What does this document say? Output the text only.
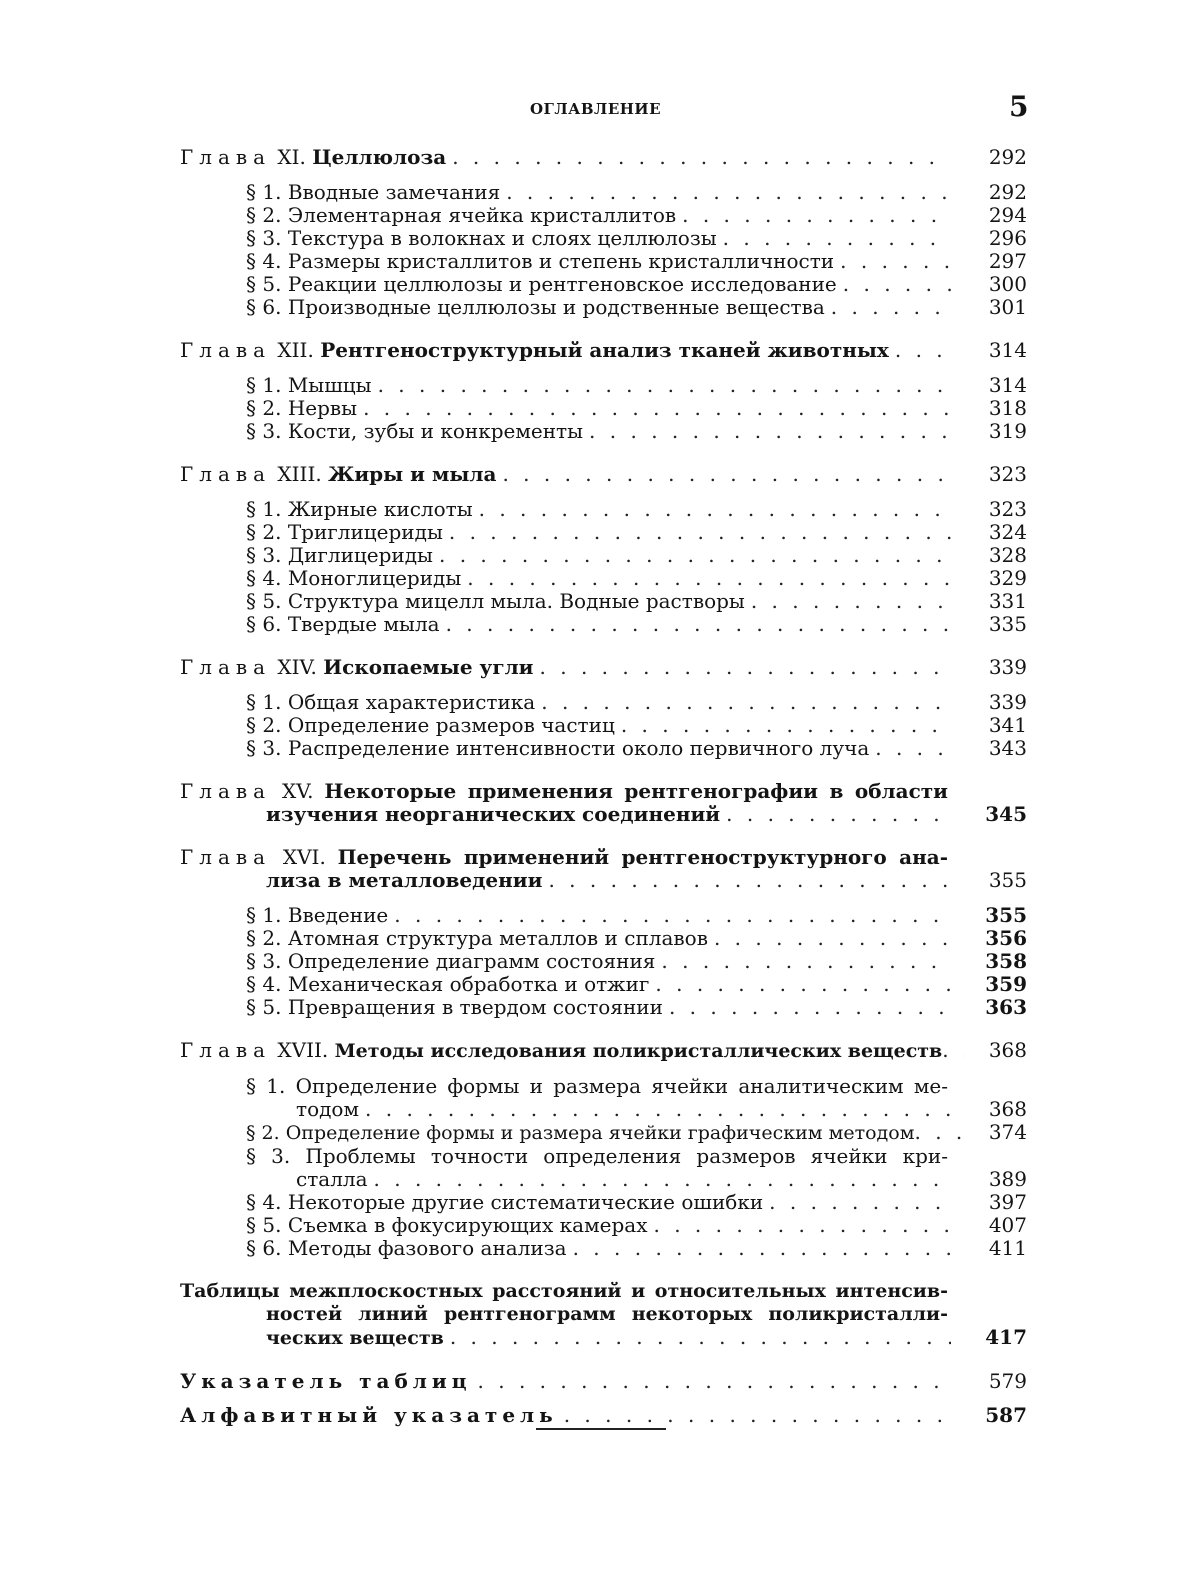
ОГЛАВЛЕНИЕ	5
Глава XI. Целлюлоза . . .	292
§ 1. Вводные замечания . . .	292
§ 2. Элементарная ячейка кристаллитов . . .	294
§ 3. Текстура в волокнах и слоях целлюлозы . . .	296
§ 4. Размеры кристаллитов и степень кристалличности . . .	297
§ 5. Реакции целлюлозы и рентгеновское исследование . . .	300
§ 6. Производные целлюлозы и родственные вещества . . .	301
Глава XII. Рентгеноструктурный анализ тканей животных . . .	314
§ 1. Мышцы . . .	314
§ 2. Нервы . . .	318
§ 3. Кости, зубы и конкременты . . .	319
Глава XIII. Жиры и мыла . . .	323
§ 1. Жирные кислоты . . .	323
§ 2. Триглицериды . . .	324
§ 3. Диглицериды . . .	328
§ 4. Моноглицериды . . .	329
§ 5. Структура мицелл мыла. Водные растворы . . .	331
§ 6. Твердые мыла . . .	335
Глава XIV. Ископаемые угли . . .	339
§ 1. Общая характеристика . . .	339
§ 2. Определение размеров частиц . . .	341
§ 3. Распределение интенсивности около первичного луча . . .	343
Глава XV. Некоторые применения рентгенографии в области
изучения неорганических соединений . . .	345
Глава XVI. Перечень применений рентгеноструктурного ана-
лиза в металловедении . . .	355
§ 1. Введение . . .	355
§ 2. Атомная структура металлов и сплавов . . .	356
§ 3. Определение диаграмм состояния . . .	358
§ 4. Механическая обработка и отжиг . . .	359
§ 5. Превращения в твердом состоянии . . .	363
Глава XVII. Методы исследования поликристаллических веществ . . .	368
§ 1. Определение формы и размера ячейки аналитическим ме-
тодом . . .	368
§ 2. Определение формы и размера ячейки графическим методом . . .	374
§ 3. Проблемы точности определения размеров ячейки кри-
сталла . . .	389
§ 4. Некоторые другие систематические ошибки . . .	397
§ 5. Съемка в фокусирующих камерах . . .	407
§ 6. Методы фазового анализа . . .	411
Таблицы межплоскостных расстояний и относительных интенсив-
ностей линий рентгенограмм некоторых поликристалли-
ческих веществ . . .	417
Указатель таблиц . . .	579
Алфавитный указатель . . .	587
